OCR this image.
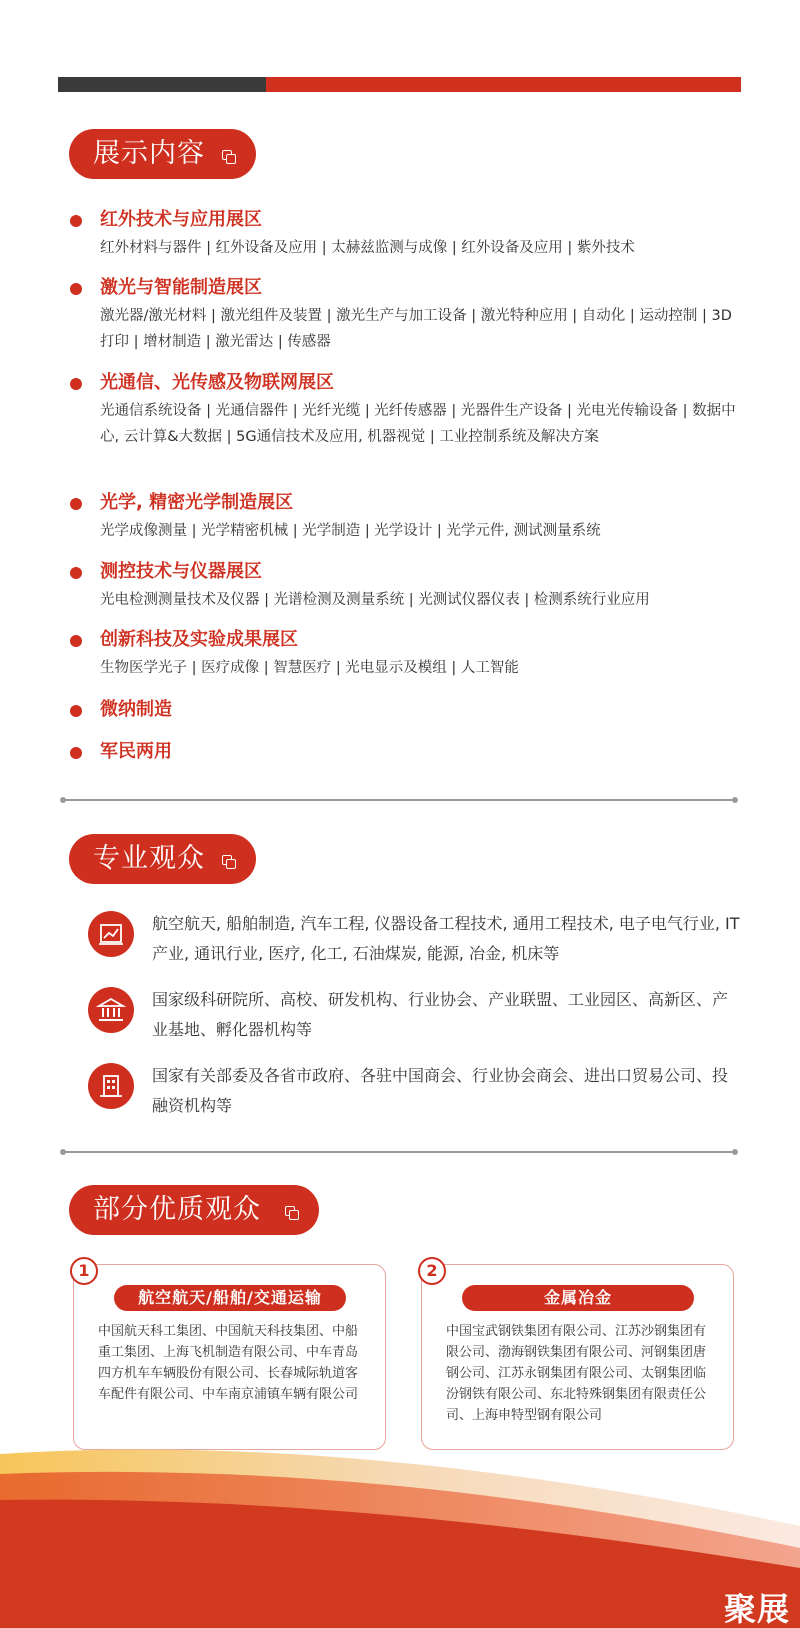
展示内容
红外技术与应用展区
红外材料与器件 | 红外设备及应用 | 太赫兹监测与成像 | 红外设备及应用 | 紫外技术
激光与智能制造展区
激光器/激光材料 | 激光组件及装置 | 激光生产与加工设备 | 激光特种应用 | 自动化 | 运动控制 | 3D打印 | 增材制造 | 激光雷达 | 传感器
光通信、光传感及物联网展区
光通信系统设备 | 光通信器件 | 光纤光缆 | 光纤传感器 | 光器件生产设备 | 光电光传输设备 | 数据中心, 云计算&大数据 | 5G通信技术及应用, 机器视觉 | 工业控制系统及解决方案
光学, 精密光学制造展区
光学成像测量 | 光学精密机械 | 光学制造 | 光学设计 | 光学元件, 测试测量系统
测控技术与仪器展区
光电检测测量技术及仪器 | 光谱检测及测量系统 | 光测试仪器仪表 | 检测系统行业应用
创新科技及实验成果展区
生物医学光子 | 医疗成像 | 智慧医疗 | 光电显示及模组 | 人工智能
微纳制造
军民两用
专业观众
航空航天, 船舶制造, 汽车工程, 仪器设备工程技术, 通用工程技术, 电子电气行业, IT产业, 通讯行业, 医疗, 化工, 石油煤炭, 能源, 冶金, 机床等
国家级科研院所、高校、研发机构、行业协会、产业联盟、工业园区、高新区、产业基地、孵化器机构等
国家有关部委及各省市政府、各驻中国商会、行业协会商会、进出口贸易公司、投融资机构等
部分优质观众
1
航空航天/船舶/交通运输
中国航天科工集团、中国航天科技集团、中船重工集团、上海飞机制造有限公司、中车青岛四方机车车辆股份有限公司、长春城际轨道客车配件有限公司、中车南京浦镇车辆有限公司
2
金属冶金
中国宝武钢铁集团有限公司、江苏沙钢集团有限公司、渤海钢铁集团有限公司、河钢集团唐钢公司、江苏永钢集团有限公司、太钢集团临汾钢铁有限公司、东北特殊钢集团有限责任公司、上海申特型钢有限公司
聚展
